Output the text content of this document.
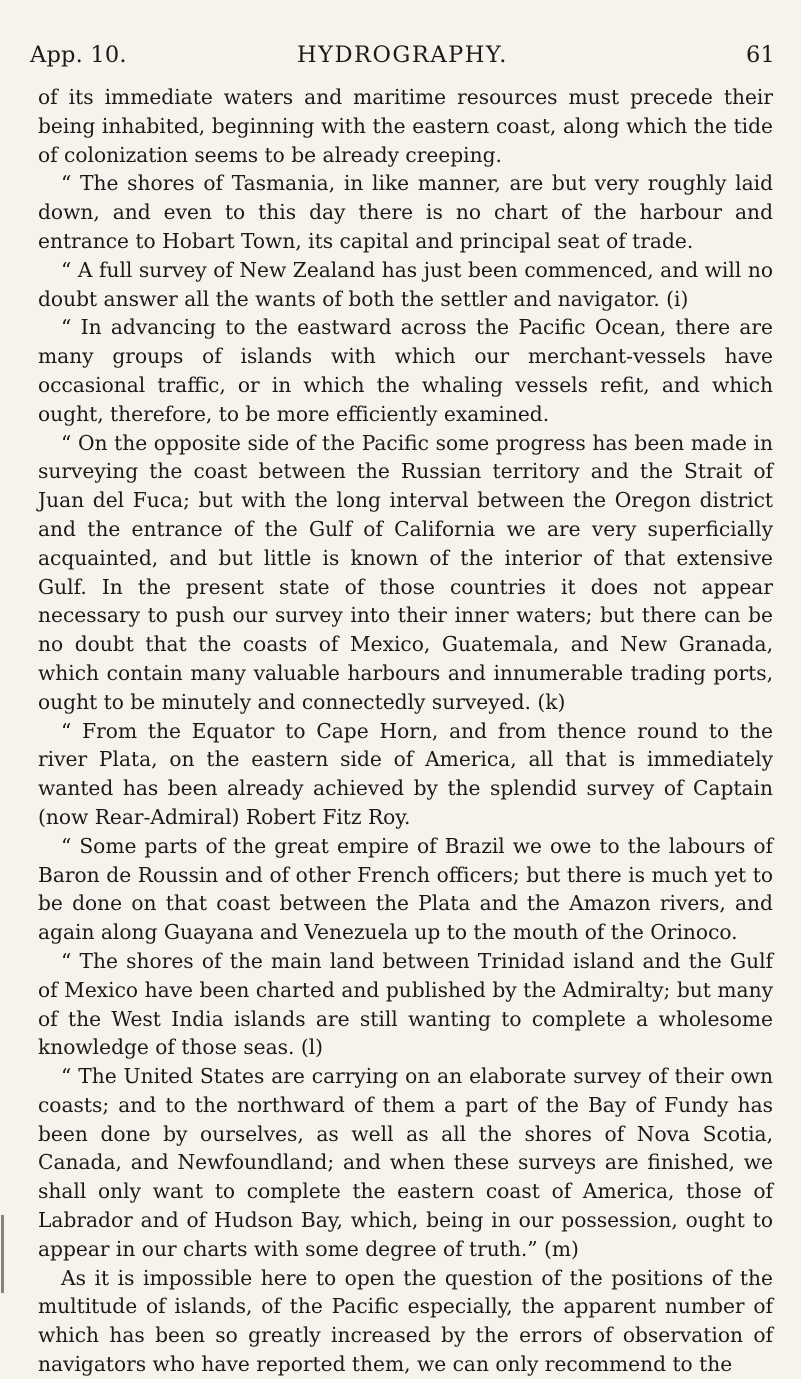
App. 10.	HYDROGRAPHY.	61

of its immediate waters and maritime resources must precede their being inhabited, beginning with the eastern coast, along which the tide of colonization seems to be already creeping.

“ The shores of Tasmania, in like manner, are but very roughly laid down, and even to this day there is no chart of the harbour and entrance to Hobart Town, its capital and principal seat of trade.

“ A full survey of New Zealand has just been commenced, and will no doubt answer all the wants of both the settler and navigator. (i)

“ In advancing to the eastward across the Pacific Ocean, there are many groups of islands with which our merchant-vessels have occasional traffic, or in which the whaling vessels refit, and which ought, therefore, to be more efficiently examined.

“ On the opposite side of the Pacific some progress has been made in surveying the coast between the Russian territory and the Strait of Juan del Fuca; but with the long interval between the Oregon district and the entrance of the Gulf of California we are very superficially acquainted, and but little is known of the interior of that extensive Gulf. In the present state of those countries it does not appear necessary to push our survey into their inner waters; but there can be no doubt that the coasts of Mexico, Guatemala, and New Granada, which contain many valuable harbours and innumerable trading ports, ought to be minutely and connectedly surveyed. (k)

“ From the Equator to Cape Horn, and from thence round to the river Plata, on the eastern side of America, all that is immediately wanted has been already achieved by the splendid survey of Captain (now Rear-Admiral) Robert Fitz Roy.

“ Some parts of the great empire of Brazil we owe to the labours of Baron de Roussin and of other French officers; but there is much yet to be done on that coast between the Plata and the Amazon rivers, and again along Guayana and Venezuela up to the mouth of the Orinoco.

“ The shores of the main land between Trinidad island and the Gulf of Mexico have been charted and published by the Admiralty; but many of the West India islands are still wanting to complete a wholesome knowledge of those seas. (l)

“ The United States are carrying on an elaborate survey of their own coasts; and to the northward of them a part of the Bay of Fundy has been done by ourselves, as well as all the shores of Nova Scotia, Canada, and Newfoundland; and when these surveys are finished, we shall only want to complete the eastern coast of America, those of Labrador and of Hudson Bay, which, being in our possession, ought to appear in our charts with some degree of truth.” (m)

As it is impossible here to open the question of the positions of the multitude of islands, of the Pacific especially, the apparent number of which has been so greatly increased by the errors of observation of navigators who have reported them, we can only recommend to the
